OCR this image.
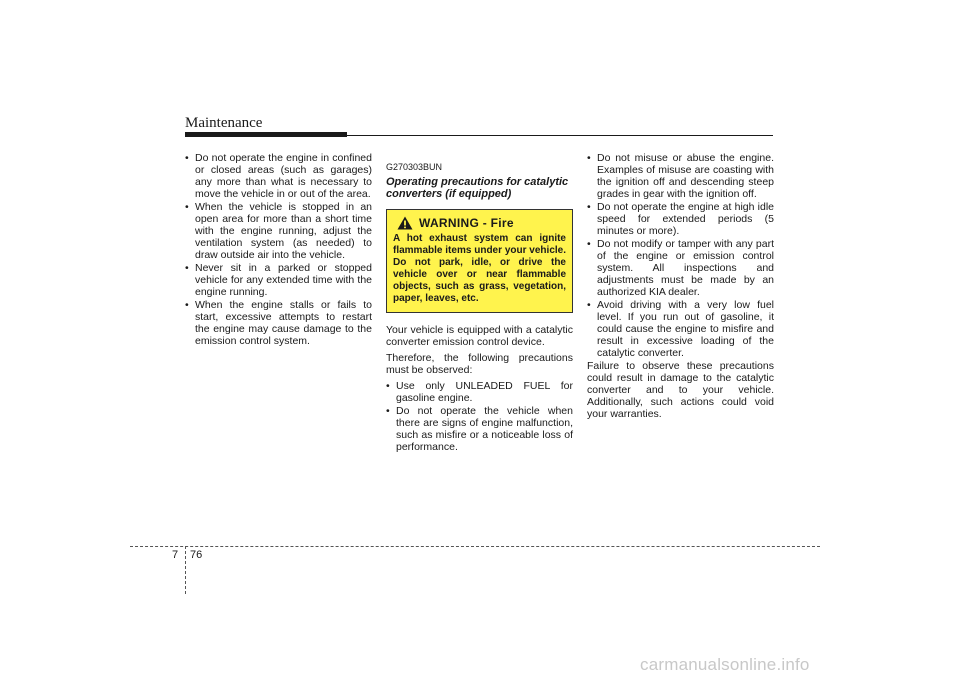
Maintenance
• Do not operate the engine in confined or closed areas (such as garages) any more than what is necessary to move the vehicle in or out of the area.
• When the vehicle is stopped in an open area for more than a short time with the engine running, adjust the ventilation system (as needed) to draw outside air into the vehicle.
• Never sit in a parked or stopped vehicle for any extended time with the engine running.
• When the engine stalls or fails to start, excessive attempts to restart the engine may cause damage to the emission control system.
G270303BUN
Operating precautions for catalytic converters (if equipped)
WARNING - Fire
A hot exhaust system can ignite flammable items under your vehicle. Do not park, idle, or drive the vehicle over or near flammable objects, such as grass, vegetation, paper, leaves, etc.

Your vehicle is equipped with a catalytic converter emission control device.

Therefore, the following precautions must be observed:

• Use only UNLEADED FUEL for gasoline engine.
• Do not operate the vehicle when there are signs of engine malfunction, such as misfire or a noticeable loss of performance.
• Do not misuse or abuse the engine. Examples of misuse are coasting with the ignition off and descending steep grades in gear with the ignition off.
• Do not operate the engine at high idle speed for extended periods (5 minutes or more).
• Do not modify or tamper with any part of the engine or emission control system. All inspections and adjustments must be made by an authorized KIA dealer.
• Avoid driving with a very low fuel level. If you run out of gasoline, it could cause the engine to misfire and result in excessive loading of the catalytic converter.

Failure to observe these precautions could result in damage to the catalytic converter and to your vehicle. Additionally, such actions could void your warranties.

7 76
carmanualsonline.info
